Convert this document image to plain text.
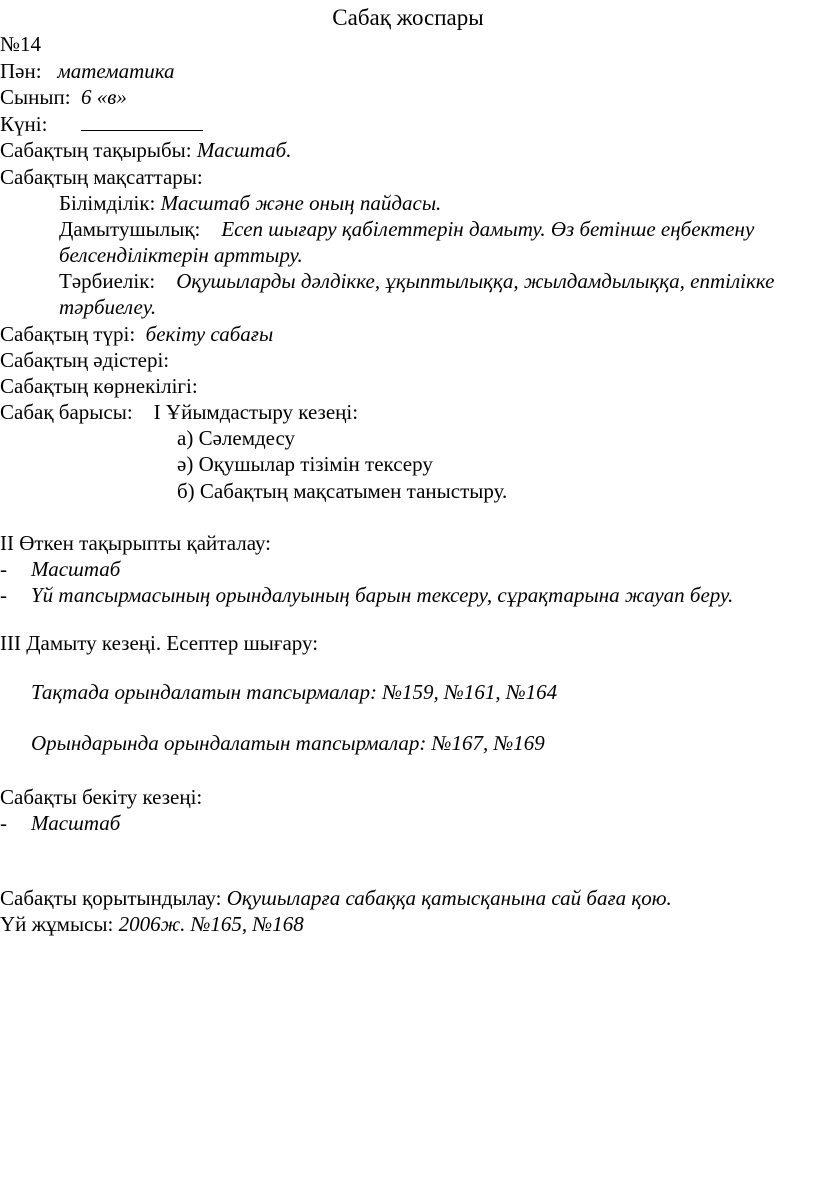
Сабақ жоспары
№14
Пән: математика
Сынып: 6 «в»
Күні:
Сабақтың тақырыбы: Масштаб.
Сабақтың мақсаттары:
Білімділік: Масштаб және оның пайдасы.
Дамытушылық: Есеп шығару қабілеттерін дамыту. Өз бетінше еңбектену
белсенділіктерін арттыру.
Тәрбиелік: Оқушыларды дәлдікке, ұқыптылыққа, жылдамдылыққа, ептілікке
тәрбиелеу.
Сабақтың түрі: бекіту сабағы
Сабақтың әдістері:
Сабақтың көрнекілігі:
Сабақ барысы: І Ұйымдастыру кезеңі:
а) Сәлемдесу
ә) Оқушылар тізімін тексеру
б) Сабақтың мақсатымен таныстыру.
ІІ Өткен тақырыпты қайталау:
- Масштаб
- Үй тапсырмасының орындалуының барын тексеру, сұрақтарына жауап беру.
ІІІ Дамыту кезеңі. Есептер шығару:
Тақтада орындалатын тапсырмалар: №159, №161, №164
Орындарында орындалатын тапсырмалар: №167, №169
Сабақты бекіту кезеңі:
- Масштаб
Сабақты қорытындылау: Оқушыларға сабаққа қатысқанына сай баға қою.
Үй жұмысы: 2006ж. №165, №168
